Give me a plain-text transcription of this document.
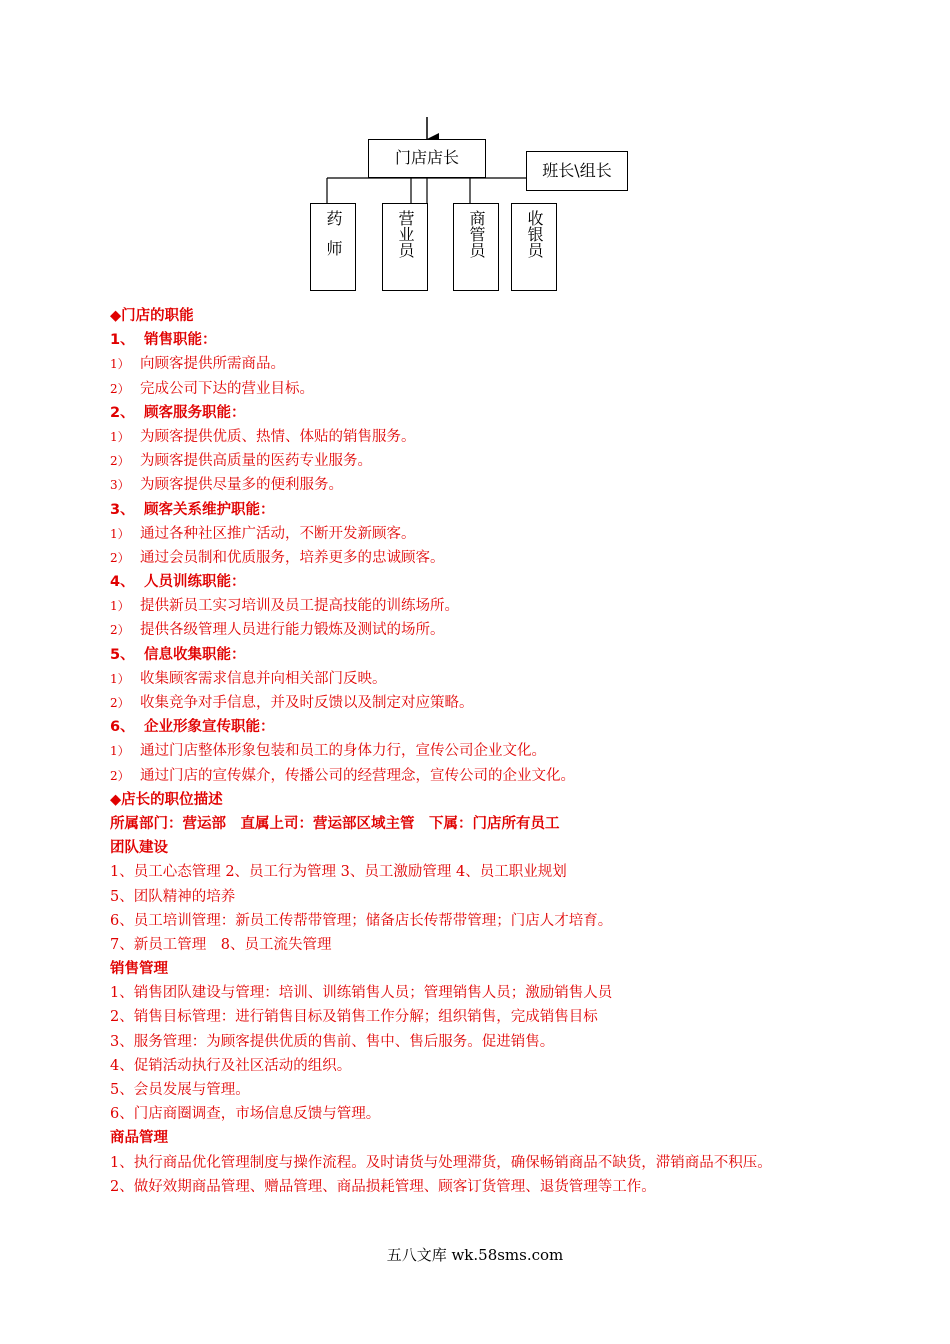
门店店长
班长\组长
药师	营业员	商管员	收银员
◆门店的职能
1、 销售职能：
1） 向顾客提供所需商品。
2） 完成公司下达的营业目标。
2、 顾客服务职能：
1） 为顾客提供优质、热情、体贴的销售服务。
2） 为顾客提供高质量的医药专业服务。
3） 为顾客提供尽量多的便利服务。
3、 顾客关系维护职能：
1） 通过各种社区推广活动，不断开发新顾客。
2） 通过会员制和优质服务，培养更多的忠诚顾客。
4、 人员训练职能：
1） 提供新员工实习培训及员工提高技能的训练场所。
2） 提供各级管理人员进行能力锻炼及测试的场所。
5、 信息收集职能：
1） 收集顾客需求信息并向相关部门反映。
2） 收集竞争对手信息，并及时反馈以及制定对应策略。
6、 企业形象宣传职能：
1） 通过门店整体形象包装和员工的身体力行，宣传公司企业文化。
2） 通过门店的宣传媒介，传播公司的经营理念，宣传公司的企业文化。
◆店长的职位描述
所属部门：营运部　直属上司：营运部区域主管　下属：门店所有员工
团队建设
1、员工心态管理 2、员工行为管理 3、员工激励管理 4、员工职业规划
5、团队精神的培养
6、员工培训管理：新员工传帮带管理；储备店长传帮带管理；门店人才培育。
7、新员工管理　8、员工流失管理
销售管理
1、销售团队建设与管理：培训、训练销售人员；管理销售人员；激励销售人员
2、销售目标管理：进行销售目标及销售工作分解；组织销售，完成销售目标
3、服务管理：为顾客提供优质的售前、售中、售后服务。促进销售。
4、促销活动执行及社区活动的组织。
5、会员发展与管理。
6、门店商圈调查，市场信息反馈与管理。
商品管理
1、执行商品优化管理制度与操作流程。及时请货与处理滞货，确保畅销商品不缺货，滞销商品不积压。
2、做好效期商品管理、赠品管理、商品损耗管理、顾客订货管理、退货管理等工作。
五八文库 wk.58sms.com
